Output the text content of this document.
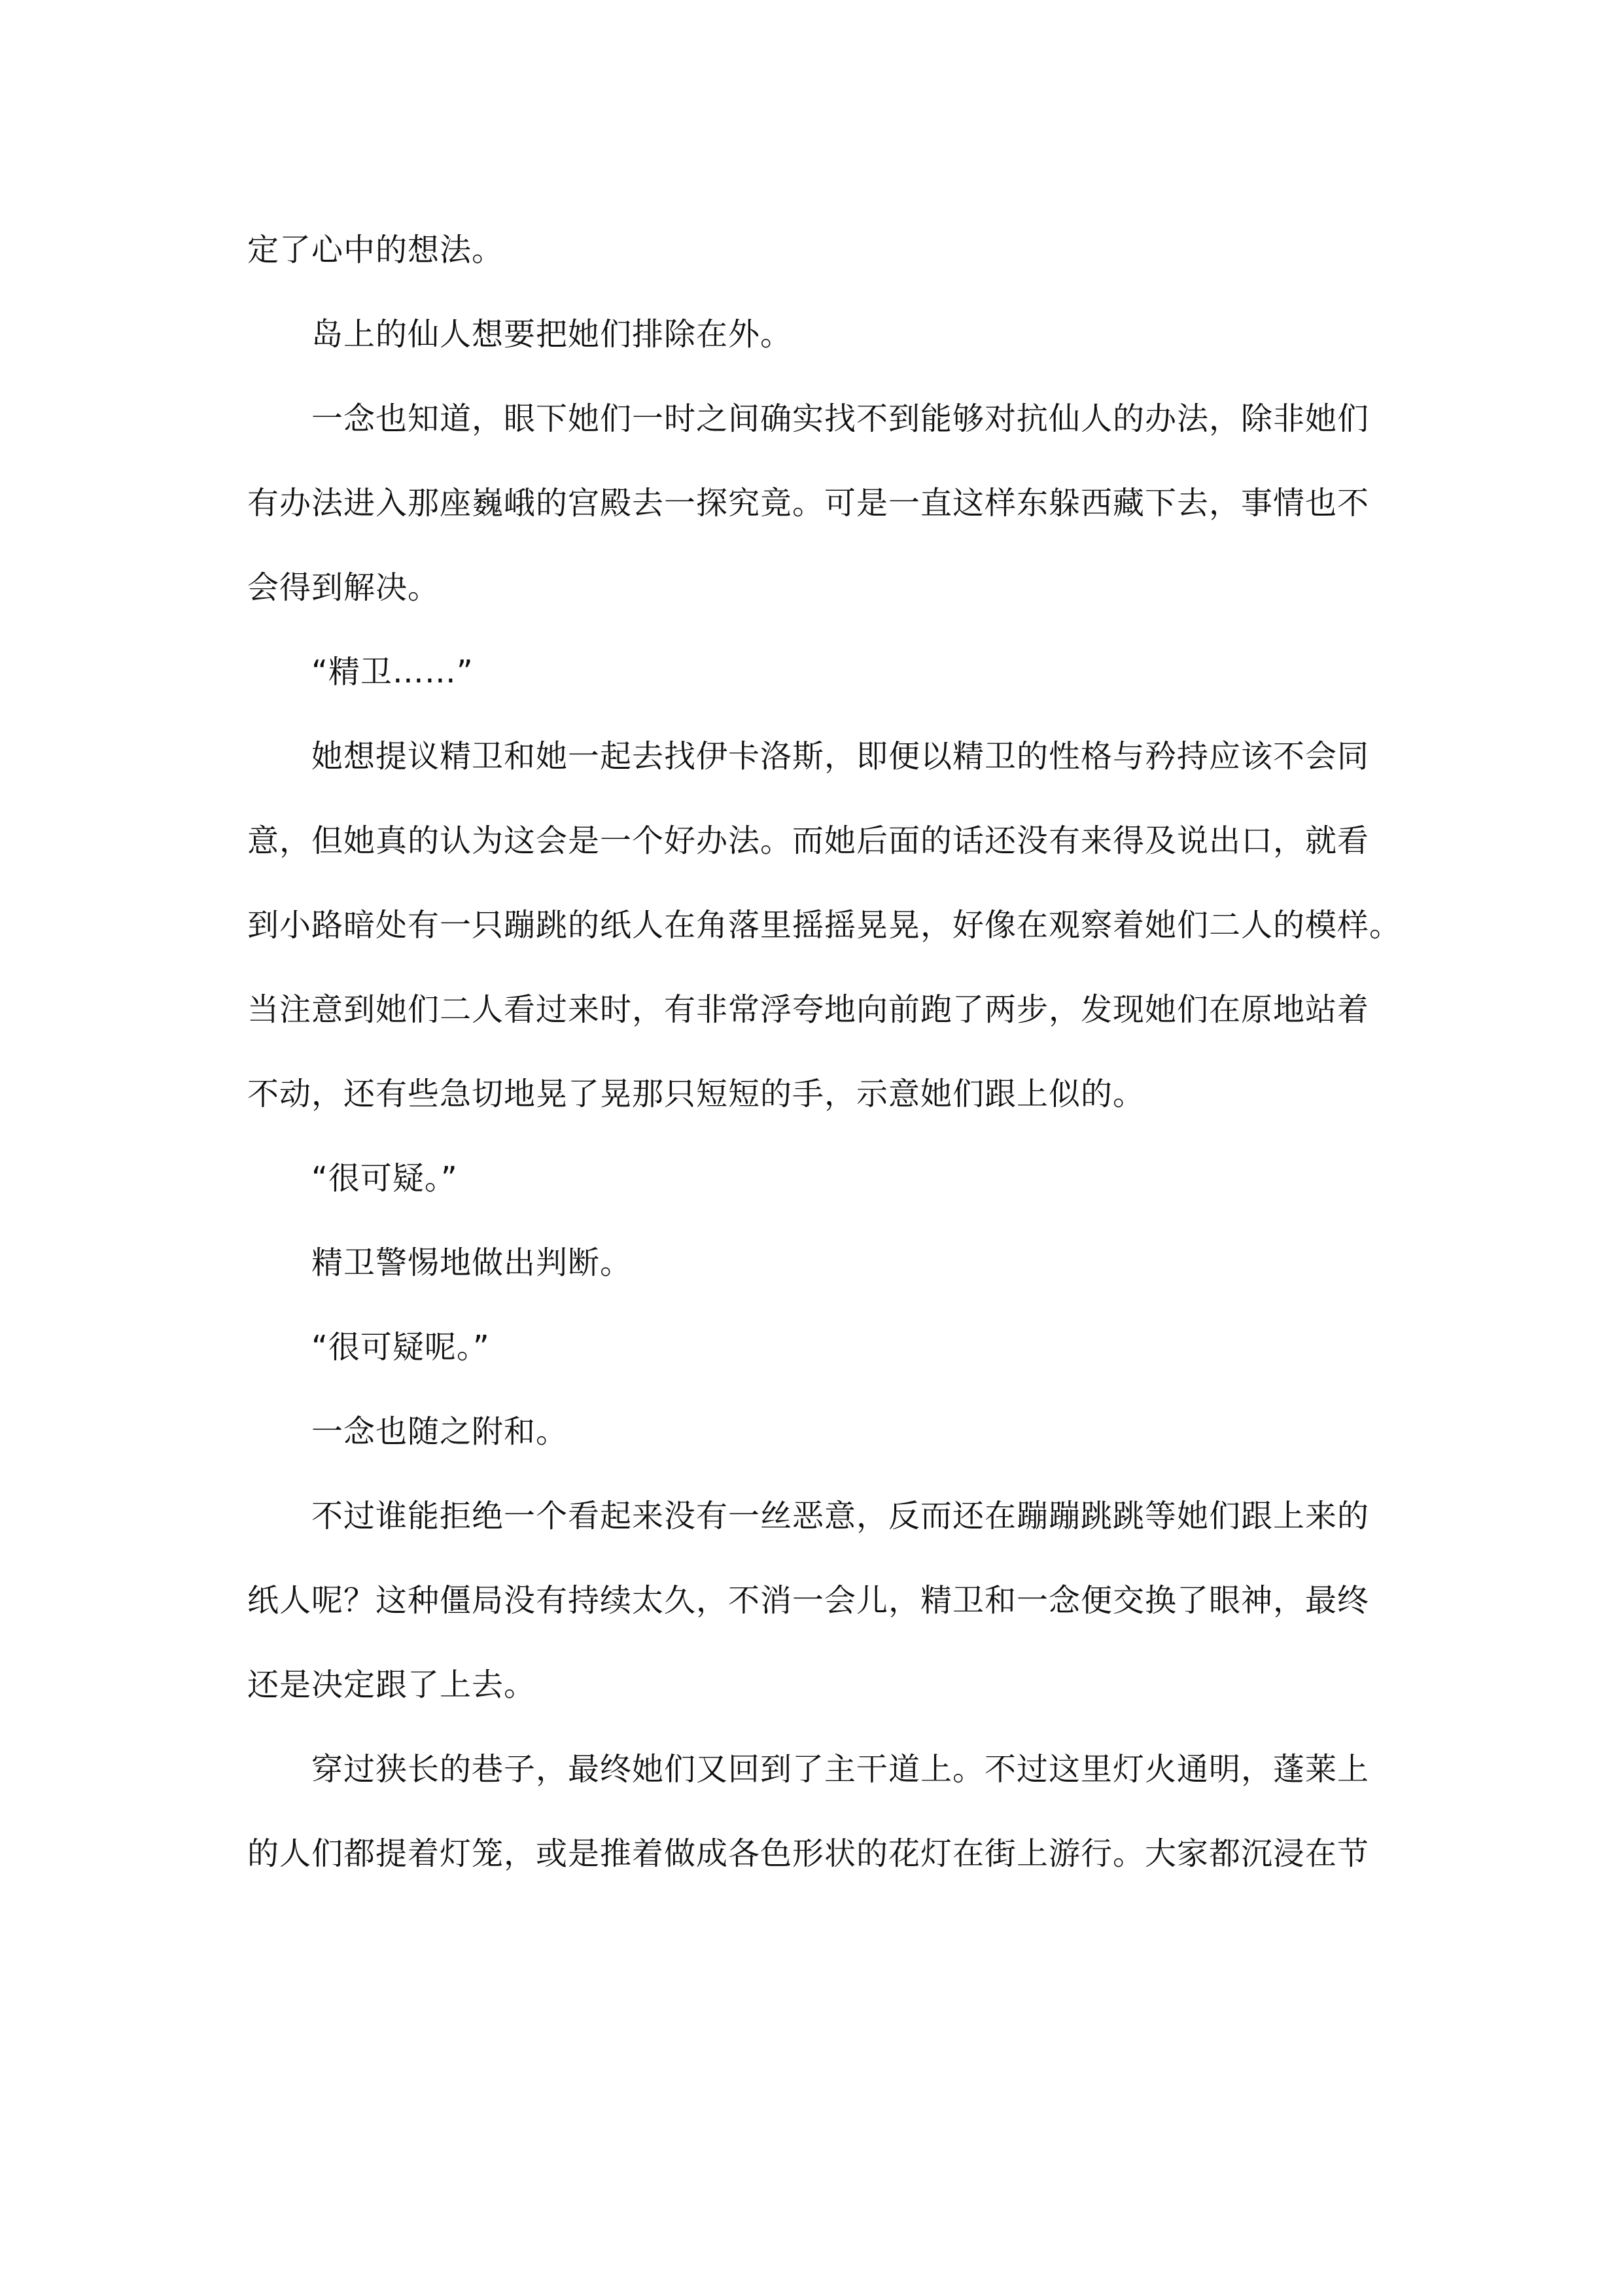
定了心中的想法。
岛上的仙人想要把她们排除在外。
一念也知道，眼下她们一时之间确实找不到能够对抗仙人的办法，除非她们
有办法进入那座巍峨的宫殿去一探究竟。可是一直这样东躲西藏下去，事情也不
会得到解决。
“精卫……”
她想提议精卫和她一起去找伊卡洛斯，即便以精卫的性格与矜持应该不会同
意，但她真的认为这会是一个好办法。而她后面的话还没有来得及说出口，就看
到小路暗处有一只蹦跳的纸人在角落里摇摇晃晃，好像在观察着她们二人的模样。
当注意到她们二人看过来时，有非常浮夸地向前跑了两步，发现她们在原地站着
不动，还有些急切地晃了晃那只短短的手，示意她们跟上似的。
“很可疑。”
精卫警惕地做出判断。
“很可疑呢。”
一念也随之附和。
不过谁能拒绝一个看起来没有一丝恶意，反而还在蹦蹦跳跳等她们跟上来的
纸人呢？这种僵局没有持续太久，不消一会儿，精卫和一念便交换了眼神，最终
还是决定跟了上去。
穿过狭长的巷子，最终她们又回到了主干道上。不过这里灯火通明，蓬莱上
的人们都提着灯笼，或是推着做成各色形状的花灯在街上游行。大家都沉浸在节
